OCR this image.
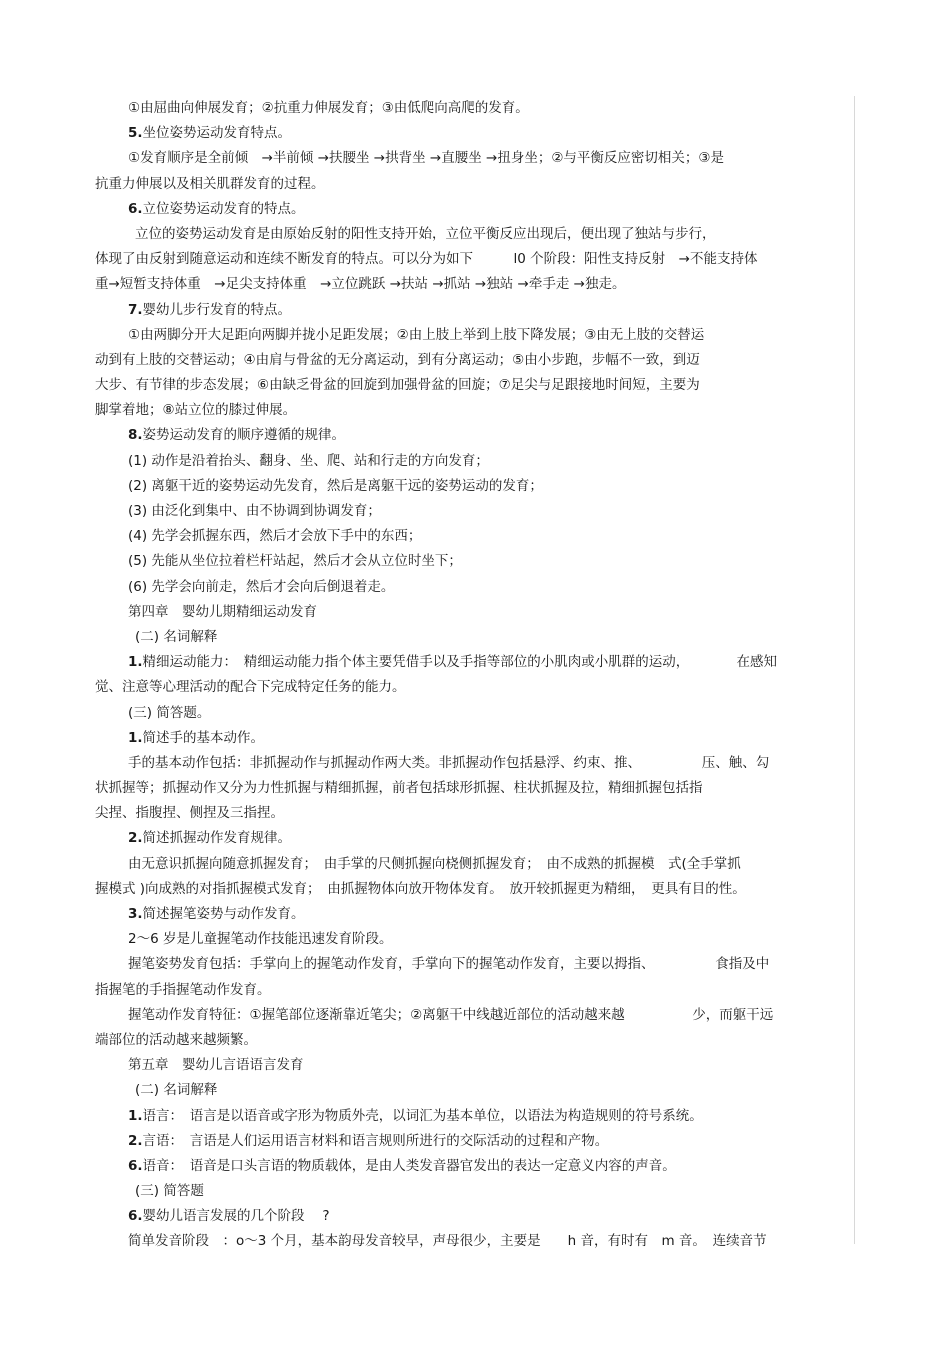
①由屈曲向伸展发育；②抗重力伸展发育；③由低爬向高爬的发育。
5.坐位姿势运动发育特点。
①发育顺序是全前倾　→半前倾 →扶腰坐 →拱背坐 →直腰坐 →扭身坐；②与平衡反应密切相关；③是
抗重力伸展以及相关肌群发育的过程。
6.立位姿势运动发育的特点。
立位的姿势运动发育是由原始反射的阳性支持开始，立位平衡反应出现后，便出现了独站与步行，
体现了由反射到随意运动和连续不断发育的特点。可以分为如下　　　l0 个阶段：阳性支持反射　→不能支持体
重→短暂支持体重　→足尖支持体重　→立位跳跃 →扶站 →抓站 →独站 →牵手走 →独走。
7.婴幼儿步行发育的特点。
①由两脚分开大足距向两脚并拢小足距发展；②由上肢上举到上肢下降发展；③由无上肢的交替运
动到有上肢的交替运动；④由肩与骨盆的无分离运动，到有分离运动；⑤由小步跑，步幅不一致，到迈
大步、有节律的步态发展；⑥由缺乏骨盆的回旋到加强骨盆的回旋；⑦足尖与足跟接地时间短，主要为
脚掌着地；⑧站立位的膝过伸展。
8.姿势运动发育的顺序遵循的规律。
(1) 动作是沿着抬头、翻身、坐、爬、站和行走的方向发育；
(2) 离躯干近的姿势运动先发育，然后是离躯干远的姿势运动的发育；
(3) 由泛化到集中、由不协调到协调发育；
(4) 先学会抓握东西，然后才会放下手中的东西；
(5) 先能从坐位拉着栏杆站起，然后才会从立位时坐下；
(6) 先学会向前走，然后才会向后倒退着走。
第四章　婴幼儿期精细运动发育
(二) 名词解释
1.精细运动能力：　精细运动能力指个体主要凭借手以及手指等部位的小肌肉或小肌群的运动，　　　　在感知
觉、注意等心理活动的配合下完成特定任务的能力。
(三) 简答题。
1.简述手的基本动作。
手的基本动作包括：非抓握动作与抓握动作两大类。非抓握动作包括悬浮、约束、推、　　　　　压、触、勾
状抓握等；抓握动作又分为力性抓握与精细抓握，前者包括球形抓握、柱状抓握及拉，精细抓握包括指
尖捏、指腹捏、侧捏及三指捏。
2.简述抓握动作发育规律。
由无意识抓握向随意抓握发育；　由手掌的尺侧抓握向桡侧抓握发育；　由不成熟的抓握模　式(全手掌抓
握模式 )向成熟的对指抓握模式发育；　由抓握物体向放开物体发育。　放开较抓握更为精细，　更具有目的性。
3.简述握笔姿势与动作发育。
2～6 岁是儿童握笔动作技能迅速发育阶段。
握笔姿势发育包括：手掌向上的握笔动作发育，手掌向下的握笔动作发育，主要以拇指、　　　　　食指及中
指握笔的手指握笔动作发育。
握笔动作发育特征：①握笔部位逐渐靠近笔尖；②离躯干中线越近部位的活动越来越　　　　　少，而躯干远
端部位的活动越来越频繁。
第五章　婴幼儿言语语言发育
(二) 名词解释
1.语言：　语言是以语音或字形为物质外壳，以词汇为基本单位，以语法为构造规则的符号系统。
2.言语：　言语是人们运用语言材料和语言规则所进行的交际活动的过程和产物。
6.语音：　语音是口头言语的物质载体，是由人类发音器官发出的表达一定意义内容的声音。
(三) 简答题
6.婴幼儿语言发展的几个阶段　 ?
简单发音阶段　：o～3 个月，基本韵母发音较早，声母很少，主要是　　h 音，有时有　m 音。　连续音节
